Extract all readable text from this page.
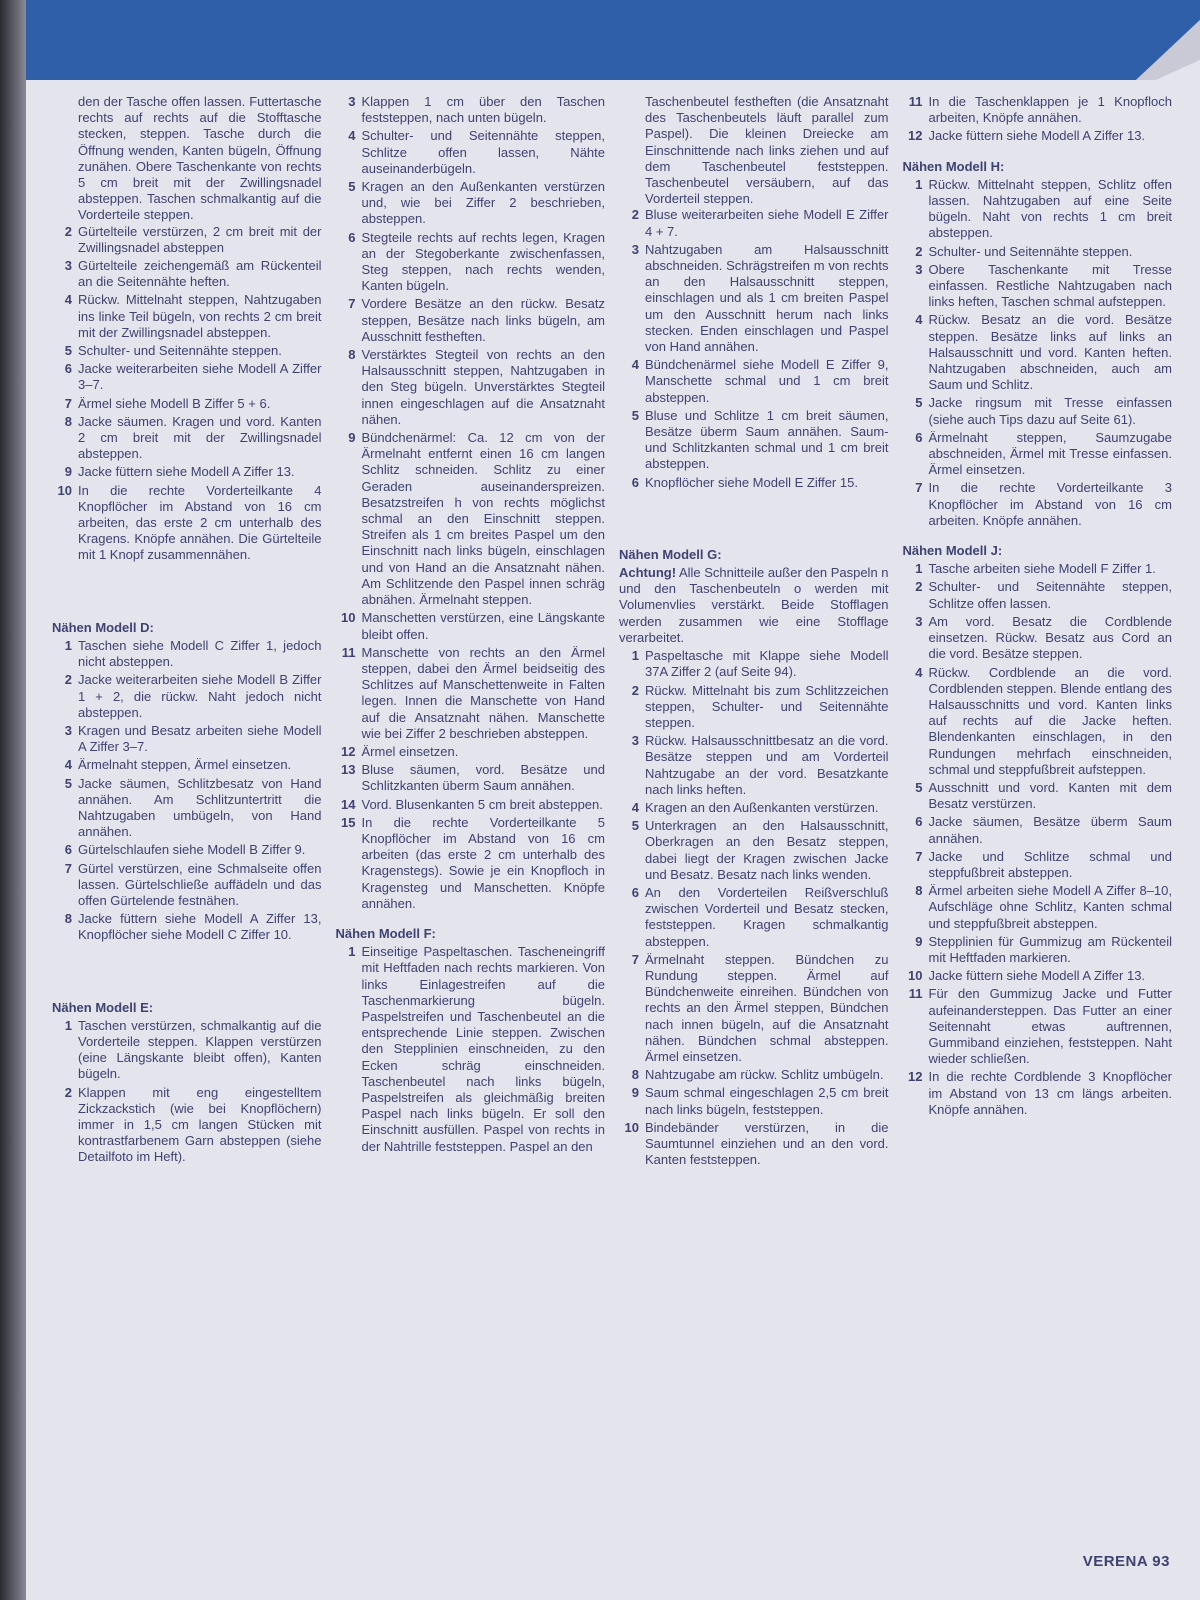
den der Tasche offen lassen. Futtertasche rechts auf rechts auf die Stofftasche stecken, steppen. Tasche durch die Öffnung wenden, Kanten bügeln, Öffnung zunähen. Obere Taschenkante von rechts 5 cm breit mit der Zwillingsnadel absteppen. Taschen schmalkantig auf die Vorderteile steppen.
2 Gürtelteile verstürzen, 2 cm breit mit der Zwillingsnadel absteppen
3 Gürtelteile zeichengemäß am Rückenteil an die Seitennähte heften.
4 Rückw. Mittelnaht steppen, Nahtzugaben ins linke Teil bügeln, von rechts 2 cm breit mit der Zwillingsnadel absteppen.
5 Schulter- und Seitennähte steppen.
6 Jacke weiterarbeiten siehe Modell A Ziffer 3–7.
7 Ärmel siehe Modell B Ziffer 5 + 6.
8 Jacke säumen. Kragen und vord. Kanten 2 cm breit mit der Zwillingsnadel absteppen.
9 Jacke füttern siehe Modell A Ziffer 13.
10 In die rechte Vorderteilkante 4 Knopflöcher im Abstand von 16 cm arbeiten, das erste 2 cm unterhalb des Kragens. Knöpfe annähen. Die Gürtelteile mit 1 Knopf zusammennähen.
Nähen Modell D:
1 Taschen siehe Modell C Ziffer 1, jedoch nicht absteppen.
2 Jacke weiterarbeiten siehe Modell B Ziffer 1 + 2, die rückw. Naht jedoch nicht absteppen.
3 Kragen und Besatz arbeiten siehe Modell A Ziffer 3–7.
4 Ärmelnaht steppen, Ärmel einsetzen.
5 Jacke säumen, Schlitzbesatz von Hand annähen. Am Schlitzuntertritt die Nahtzugaben umbügeln, von Hand annähen.
6 Gürtelschlaufen siehe Modell B Ziffer 9.
7 Gürtel verstürzen, eine Schmalseite offen lassen. Gürtelschließe auffädeln und das offen Gürtelende festnähen.
8 Jacke füttern siehe Modell A Ziffer 13, Knopflöcher siehe Modell C Ziffer 10.
Nähen Modell E:
1 Taschen verstürzen, schmalkantig auf die Vorderteile steppen. Klappen verstürzen (eine Längskante bleibt offen), Kanten bügeln.
2 Klappen mit eng eingestelltem Zickzackstich (wie bei Knopflöchern) immer in 1,5 cm langen Stücken mit kontrastfarbenem Garn absteppen (siehe Detailfoto im Heft).
3 Klappen 1 cm über den Taschen feststeppen, nach unten bügeln.
4 Schulter- und Seitennähte steppen, Schlitze offen lassen, Nähte auseinanderbügeln.
5 Kragen an den Außenkanten verstürzen und, wie bei Ziffer 2 beschrieben, absteppen.
6 Stegteile rechts auf rechts legen, Kragen an der Stegoberkante zwischenfassen, Steg steppen, nach rechts wenden, Kanten bügeln.
7 Vordere Besätze an den rückw. Besatz steppen, Besätze nach links bügeln, am Ausschnitt festheften.
8 Verstärktes Stegteil von rechts an den Halsausschnitt steppen, Nahtzugaben in den Steg bügeln. Unverstärktes Stegteil innen eingeschlagen auf die Ansatznaht nähen.
9 Bündchenärmel: Ca. 12 cm von der Ärmelnaht entfernt einen 16 cm langen Schlitz schneiden. Schlitz zu einer Geraden auseinanderspreizen. Besatzstreifen h von rechts möglichst schmal an den Einschnitt steppen. Streifen als 1 cm breites Paspel um den Einschnitt nach links bügeln, einschlagen und von Hand an die Ansatznaht nähen. Am Schlitzende den Paspel innen schräg abnähen. Ärmelnaht steppen.
10 Manschetten verstürzen, eine Längskante bleibt offen.
11 Manschette von rechts an den Ärmel steppen, dabei den Ärmel beidseitig des Schlitzes auf Manschettenweite in Falten legen. Innen die Manschette von Hand auf die Ansatznaht nähen. Manschette wie bei Ziffer 2 beschrieben absteppen.
12 Ärmel einsetzen.
13 Bluse säumen, vord. Besätze und Schlitzkanten überm Saum annähen.
14 Vord. Blusenkanten 5 cm breit absteppen.
15 In die rechte Vorderteilkante 5 Knopflöcher im Abstand von 16 cm arbeiten (das erste 2 cm unterhalb des Kragenstegs). Sowie je ein Knopfloch in Kragensteg und Manschetten. Knöpfe annähen.
Nähen Modell F:
1 Einseitige Paspeltaschen. Tascheneingriff mit Heftfaden nach rechts markieren. Von links Einlagestreifen auf die Taschenmarkierung bügeln. Paspelstreifen und Taschenbeutel an die entsprechende Linie steppen. Zwischen den Stepplinien einschneiden, zu den Ecken schräg einschneiden. Taschenbeutel nach links bügeln, Paspelstreifen als gleichmäßig breiten Paspel nach links bügeln. Er soll den Einschnitt ausfüllen. Paspel von rechts in der Nahtrille feststeppen. Paspel an den
Taschenbeutel festheften (die Ansatznaht des Taschenbeutels läuft parallel zum Paspel). Die kleinen Dreiecke am Einschnittende nach links ziehen und auf dem Taschenbeutel feststeppen. Taschenbeutel versäubern, auf das Vorderteil steppen.
2 Bluse weiterarbeiten siehe Modell E Ziffer 4 + 7.
3 Nahtzugaben am Halsausschnitt abschneiden. Schrägstreifen m von rechts an den Halsausschnitt steppen, einschlagen und als 1 cm breiten Paspel um den Ausschnitt herum nach links stecken. Enden einschlagen und Paspel von Hand annähen.
4 Bündchenärmel siehe Modell E Ziffer 9, Manschette schmal und 1 cm breit absteppen.
5 Bluse und Schlitze 1 cm breit säumen, Besätze überm Saum annähen. Saum- und Schlitzkanten schmal und 1 cm breit absteppen.
6 Knopflöcher siehe Modell E Ziffer 15.
Nähen Modell G:
Achtung! Alle Schnitteile außer den Paspeln n und den Taschenbeuteln o werden mit Volumenvlies verstärkt. Beide Stofflagen werden zusammen wie eine Stofflage verarbeitet.
1 Paspeltasche mit Klappe siehe Modell 37A Ziffer 2 (auf Seite 94).
2 Rückw. Mittelnaht bis zum Schlitzzeichen steppen, Schulter- und Seitennähte steppen.
3 Rückw. Halsausschnittbesatz an die vord. Besätze steppen und am Vorderteil Nahtzugabe an der vord. Besatzkante nach links heften.
4 Kragen an den Außenkanten verstürzen.
5 Unterkragen an den Halsausschnitt, Oberkragen an den Besatz steppen, dabei liegt der Kragen zwischen Jacke und Besatz. Besatz nach links wenden.
6 An den Vorderteilen Reißverschluß zwischen Vorderteil und Besatz stecken, feststeppen. Kragen schmalkantig absteppen.
7 Ärmelnaht steppen. Bündchen zu Rundung steppen. Ärmel auf Bündchenweite einreihen. Bündchen von rechts an den Ärmel steppen, Bündchen nach innen bügeln, auf die Ansatznaht nähen. Bündchen schmal absteppen. Ärmel einsetzen.
8 Nahtzugabe am rückw. Schlitz umbügeln.
9 Saum schmal eingeschlagen 2,5 cm breit nach links bügeln, feststeppen.
10 Bindebänder verstürzen, in die Saumtunnel einziehen und an den vord. Kanten feststeppen.
11 In die Taschenklappen je 1 Knopfloch arbeiten, Knöpfe annähen.
12 Jacke füttern siehe Modell A Ziffer 13.
Nähen Modell H:
1 Rückw. Mittelnaht steppen, Schlitz offen lassen. Nahtzugaben auf eine Seite bügeln. Naht von rechts 1 cm breit absteppen.
2 Schulter- und Seitennähte steppen.
3 Obere Taschenkante mit Tresse einfassen. Restliche Nahtzugaben nach links heften, Taschen schmal aufsteppen.
4 Rückw. Besatz an die vord. Besätze steppen. Besätze links auf links an Halsausschnitt und vord. Kanten heften. Nahtzugaben abschneiden, auch am Saum und Schlitz.
5 Jacke ringsum mit Tresse einfassen (siehe auch Tips dazu auf Seite 61).
6 Ärmelnaht steppen, Saumzugabe abschneiden, Ärmel mit Tresse einfassen. Ärmel einsetzen.
7 In die rechte Vorderteilkante 3 Knopflöcher im Abstand von 16 cm arbeiten. Knöpfe annähen.
Nähen Modell J:
1 Tasche arbeiten siehe Modell F Ziffer 1.
2 Schulter- und Seitennähte steppen, Schlitze offen lassen.
3 Am vord. Besatz die Cordblende einsetzen. Rückw. Besatz aus Cord an die vord. Besätze steppen.
4 Rückw. Cordblende an die vord. Cordblenden steppen. Blende entlang des Halsausschnitts und vord. Kanten links auf rechts auf die Jacke heften. Blendenkanten einschlagen, in den Rundungen mehrfach einschneiden, schmal und steppfußbreit aufsteppen.
5 Ausschnitt und vord. Kanten mit dem Besatz verstürzen.
6 Jacke säumen, Besätze überm Saum annähen.
7 Jacke und Schlitze schmal und steppfußbreit absteppen.
8 Ärmel arbeiten siehe Modell A Ziffer 8–10, Aufschläge ohne Schlitz, Kanten schmal und steppfußbreit absteppen.
9 Stepplinien für Gummizug am Rückenteil mit Heftfaden markieren.
10 Jacke füttern siehe Modell A Ziffer 13.
11 Für den Gummizug Jacke und Futter aufeinandersteppen. Das Futter an einer Seitennaht etwas auftrennen, Gummiband einziehen, feststeppen. Naht wieder schließen.
12 In die rechte Cordblende 3 Knopflöcher im Abstand von 13 cm längs arbeiten. Knöpfe annähen.
VERENA 93
